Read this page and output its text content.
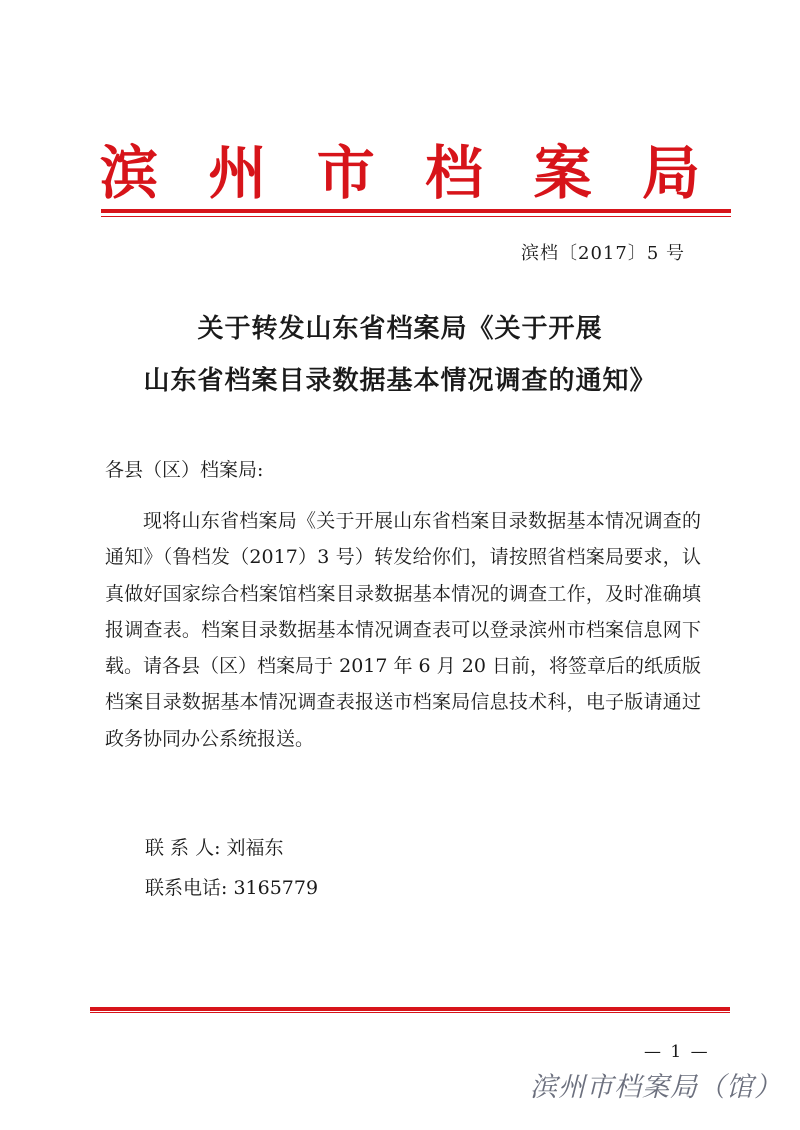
滨 州 市 档 案 局
滨档〔2017〕5 号
关于转发山东省档案局《关于开展
山东省档案目录数据基本情况调查的通知》

各县（区）档案局:

现将山东省档案局《关于开展山东省档案目录数据基本情况调查的通知》（鲁档发（2017）3 号）转发给你们，请按照省档案局要求，认真做好国家综合档案馆档案目录数据基本情况的调查工作，及时准确填报调查表。档案目录数据基本情况调查表可以登录滨州市档案信息网下载。请各县（区）档案局于 2017 年 6 月 20 日前，将签章后的纸质版档案目录数据基本情况调查表报送市档案局信息技术科，电子版请通过政务协同办公系统报送。

联 系 人: 刘福东

联系电话: 3165779

— 1 —
滨州市档案局（馆）
